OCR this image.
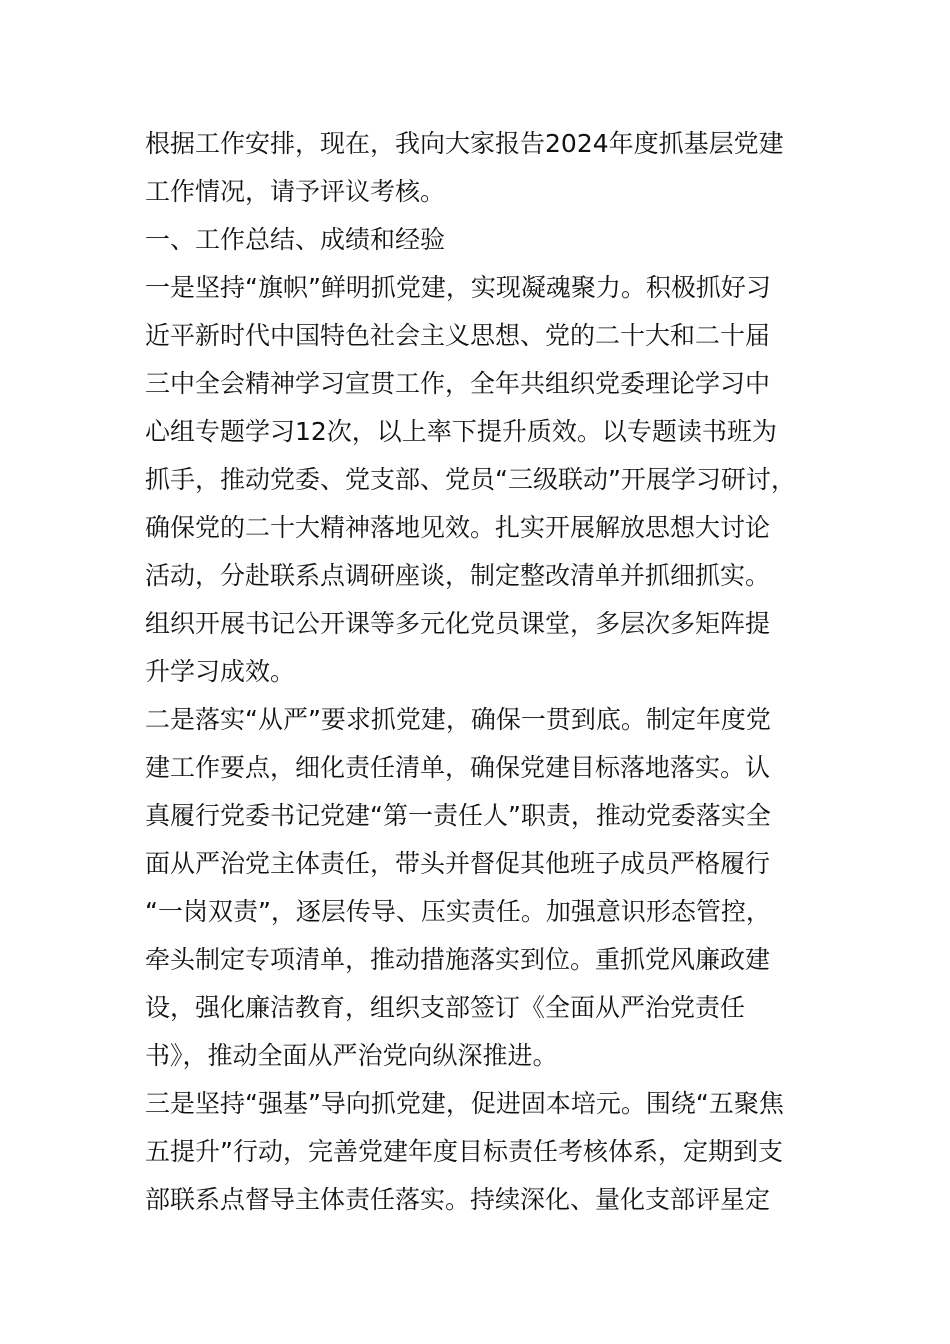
根据工作安排，现在，我向大家报告2024年度抓基层党建
工作情况，请予评议考核。
一、工作总结、成绩和经验
一是坚持“旗帜”鲜明抓党建，实现凝魂聚力。积极抓好习
近平新时代中国特色社会主义思想、党的二十大和二十届
三中全会精神学习宣贯工作，全年共组织党委理论学习中
心组专题学习12次，以上率下提升质效。以专题读书班为
抓手，推动党委、党支部、党员“三级联动”开展学习研讨，
确保党的二十大精神落地见效。扎实开展解放思想大讨论
活动，分赴联系点调研座谈，制定整改清单并抓细抓实。
组织开展书记公开课等多元化党员课堂，多层次多矩阵提
升学习成效。
二是落实“从严”要求抓党建，确保一贯到底。制定年度党
建工作要点，细化责任清单，确保党建目标落地落实。认
真履行党委书记党建“第一责任人”职责，推动党委落实全
面从严治党主体责任，带头并督促其他班子成员严格履行
“一岗双责”，逐层传导、压实责任。加强意识形态管控，
牵头制定专项清单，推动措施落实到位。重抓党风廉政建
设，强化廉洁教育，组织支部签订《全面从严治党责任
书》，推动全面从严治党向纵深推进。
三是坚持“强基”导向抓党建，促进固本培元。围绕“五聚焦
五提升”行动，完善党建年度目标责任考核体系，定期到支
部联系点督导主体责任落实。持续深化、量化支部评星定
